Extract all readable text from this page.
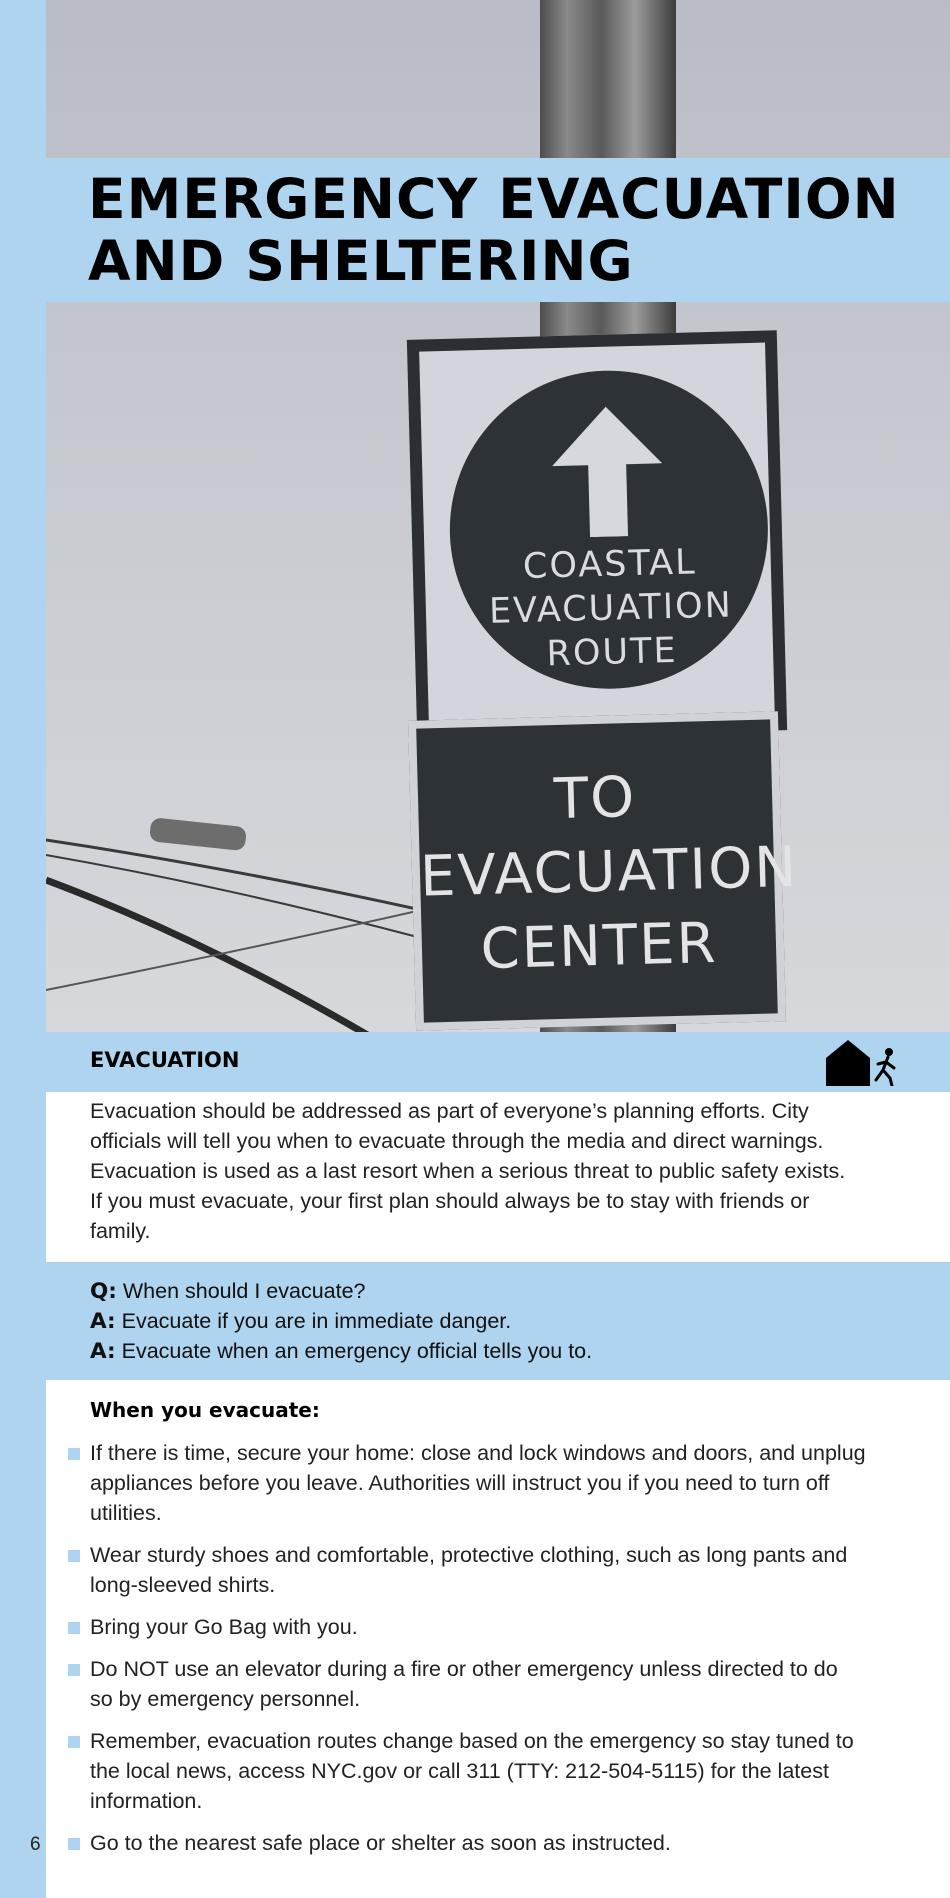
6
COASTAL
EVACUATION
ROUTE
TO
EVACUATION
CENTER
EMERGENCY EVACUATION
AND SHELTERING
EVACUATION

Evacuation should be addressed as part of everyone’s planning efforts. City officials will tell you when to evacuate through the media and direct warnings. Evacuation is used as a last resort when a serious threat to public safety exists. If you must evacuate, your first plan should always be to stay with friends or family.

Q: When should I evacuate?

A: Evacuate if you are in immediate danger.

A: Evacuate when an emergency official tells you to.

When you evacuate:
If there is time, secure your home: close and lock windows and doors, and unplug appliances before you leave. Authorities will instruct you if you need to turn off utilities.
Wear sturdy shoes and comfortable, protective clothing, such as long pants and long-sleeved shirts.
Bring your Go Bag with you.
Do NOT use an elevator during a fire or other emergency unless directed to do so by emergency personnel.
Remember, evacuation routes change based on the emergency so stay tuned to the local news, access NYC.gov or call 311 (TTY: 212-504-5115) for the latest information.
Go to the nearest safe place or shelter as soon as instructed.
